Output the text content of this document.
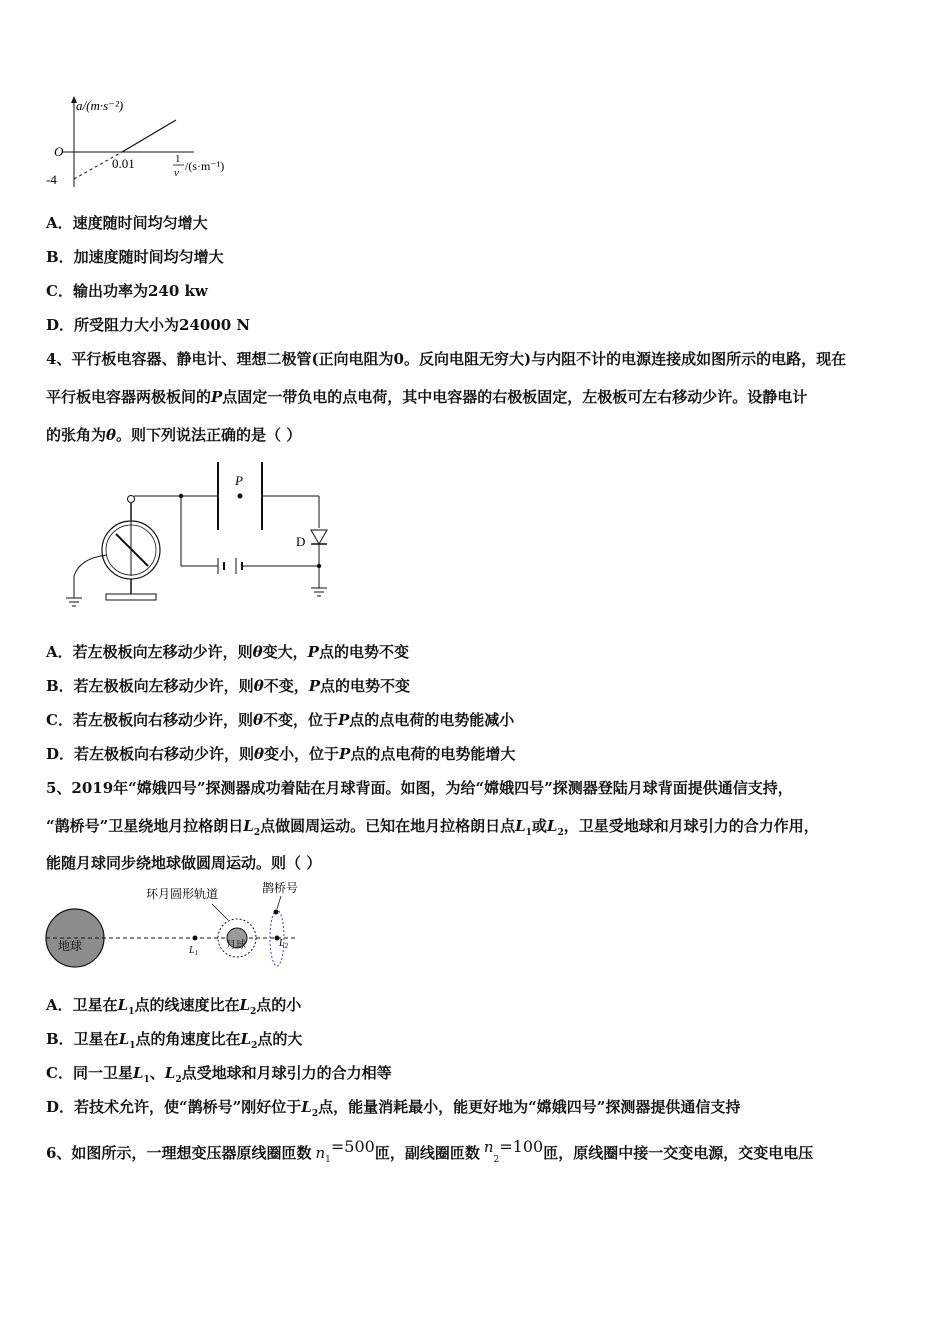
a/(m·s⁻²)
O
0.01
-4
1
v /(s·m⁻¹)
A．速度随时间均匀增大
B．加速度随时间均匀增大
C．输出功率为240 kw
D．所受阻力大小为24000 N
4、平行板电容器、静电计、理想二极管(正向电阻为0。反向电阻无穷大)与内阻不计的电源连接成如图所示的电路，现在
平行板电容器两极板间的P点固定一带负电的点电荷，其中电容器的右极板固定，左极板可左右移动少许。设静电计
的张角为θ。则下列说法正确的是（ ）
P
D
A．若左极板向左移动少许，则θ变大，P点的电势不变
B．若左极板向左移动少许，则θ不变，P点的电势不变
C．若左极板向右移动少许，则θ不变，位于P点的点电荷的电势能减小
D．若左极板向右移动少许，则θ变小，位于P点的点电荷的电势能增大
5、2019年“嫦娥四号”探测器成功着陆在月球背面。如图，为给“嫦娥四号”探测器登陆月球背面提供通信支持，
“鹊桥号”卫星绕地月拉格朗日$L_2$点做圆周运动。已知在地月拉格朗日点$L_1$或$L_2$，卫星受地球和月球引力的合力作用，
能随月球同步绕地球做圆周运动。则（ ）
地球	$L_1$
月球
环月圆形轨道
$L_2$
鹊桥号
A．卫星在$L_1$点的线速度比在$L_2$点的小
B．卫星在$L_1$点的角速度比在$L_2$点的大
C．同一卫星$L_1$、$L_2$点受地球和月球引力的合力相等
D．若技术允许，使“鹊桥号”刚好位于$L_2$点，能量消耗最小，能更好地为“嫦娥四号”探测器提供通信支持
6、如图所示，一理想变压器原线圈匝数 $n_1=500$匝，副线圈匝数 $n_2=100$匝，原线圈中接一交变电源，交变电电压
